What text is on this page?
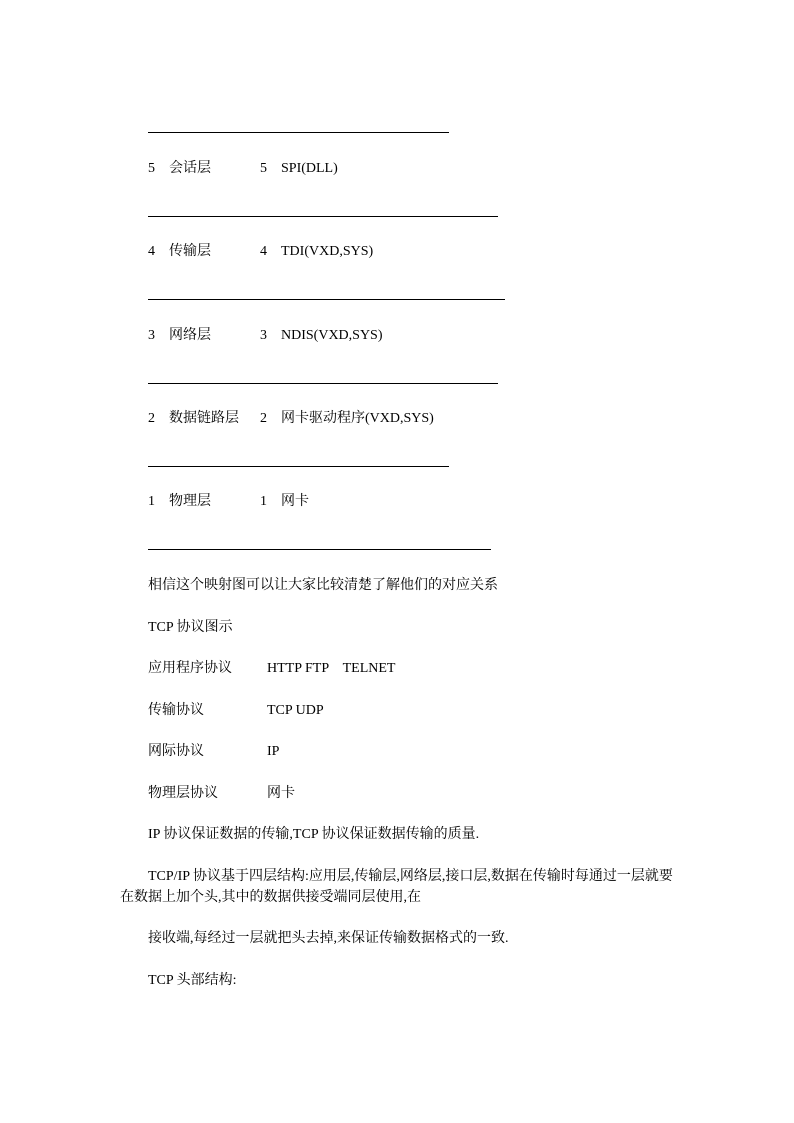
5　会话层	5　SPI(DLL)
4　传输层	4　TDI(VXD,SYS)
3　网络层	3　NDIS(VXD,SYS)
2　数据链路层 2　网卡驱动程序(VXD,SYS)
1　物理层	1　网卡
相信这个映射图可以让大家比较清楚了解他们的对应关系
TCP 协议图示
应用程序协议	HTTP FTP　TELNET
传输协议	TCP UDP
网际协议	IP
物理层协议	网卡
IP 协议保证数据的传输,TCP 协议保证数据传输的质量.
TCP/IP 协议基于四层结构:应用层,传输层,网络层,接口层,数据在传输时每通过一层就要
在数据上加个头,其中的数据供接受端同层使用,在
接收端,每经过一层就把头去掉,来保证传输数据格式的一致.
TCP 头部结构:
